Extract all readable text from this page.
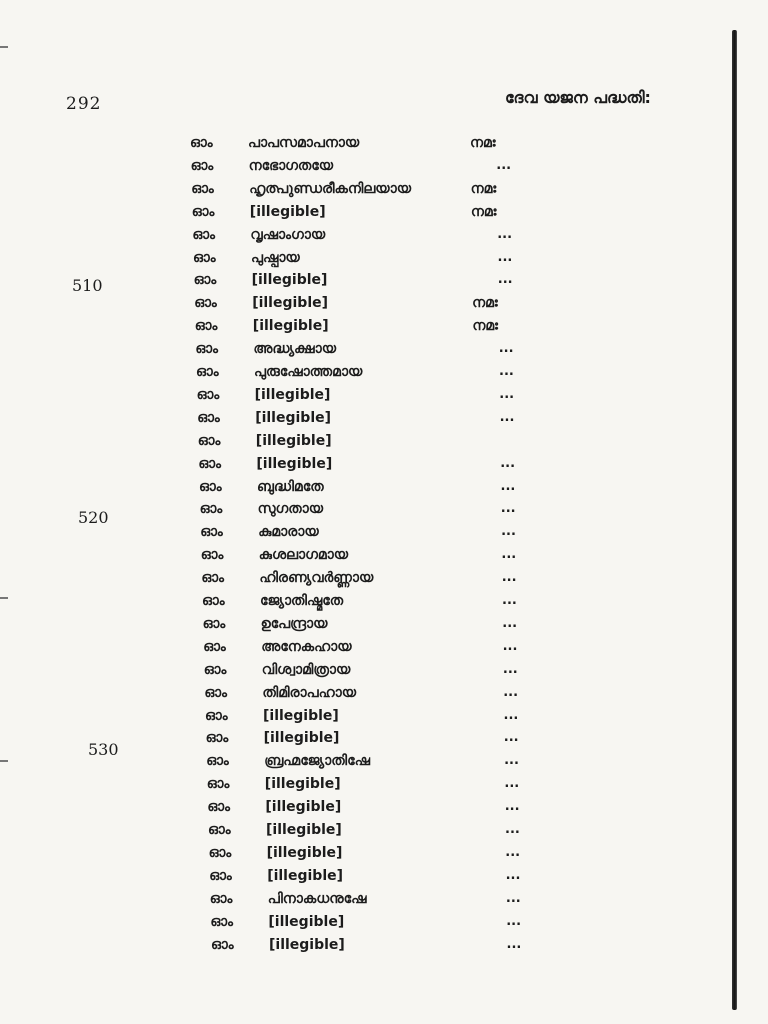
292	ദേവ യജന പദ്ധതി:
510
520
530
ഓം	പാപസമാപനായ	നമഃ
ഓം	നഭോഗതയേ	...
ഓം	ഹൃത്പുണ്ഡരീകനിലയായ	നമഃ
ഓം	[illegible]	നമഃ
ഓം	വൃഷാംഗായ	...
ഓം	പുഷ്പായ	...
ഓം	[illegible]	...
ഓം	[illegible]	നമഃ
ഓം	[illegible]	നമഃ
ഓം	അദ്ധ്യക്ഷായ	...
ഓം	പുരുഷോത്തമായ	...
ഓം	[illegible]	...
ഓം	[illegible]	...
ഓം	[illegible]
ഓം	[illegible]	...
ഓം	ബുദ്ധിമതേ	...
ഓം	സുഗതായ	...
ഓം	കുമാരായ	...
ഓം	കുശലാഗമായ	...
ഓം	ഹിരണ്യവർണ്ണായ	...
ഓം	ജ്യോതിഷ്മതേ	...
ഓം	ഉപേന്ദ്രായ	...
ഓം	അനേകഹായ	...
ഓം	വിശ്വാമിത്രായ	...
ഓം	തിമിരാപഹായ	...
ഓം	[illegible]	...
ഓം	[illegible]	...
ഓം	ബ്രഹ്മജ്യോതിഷേ	...
ഓം	[illegible]	...
ഓം	[illegible]	...
ഓം	[illegible]	...
ഓം	[illegible]	...
ഓം	[illegible]	...
ഓം	പിനാകധനുഷേ	...
ഓം	[illegible]	...
ഓം	[illegible]	...
